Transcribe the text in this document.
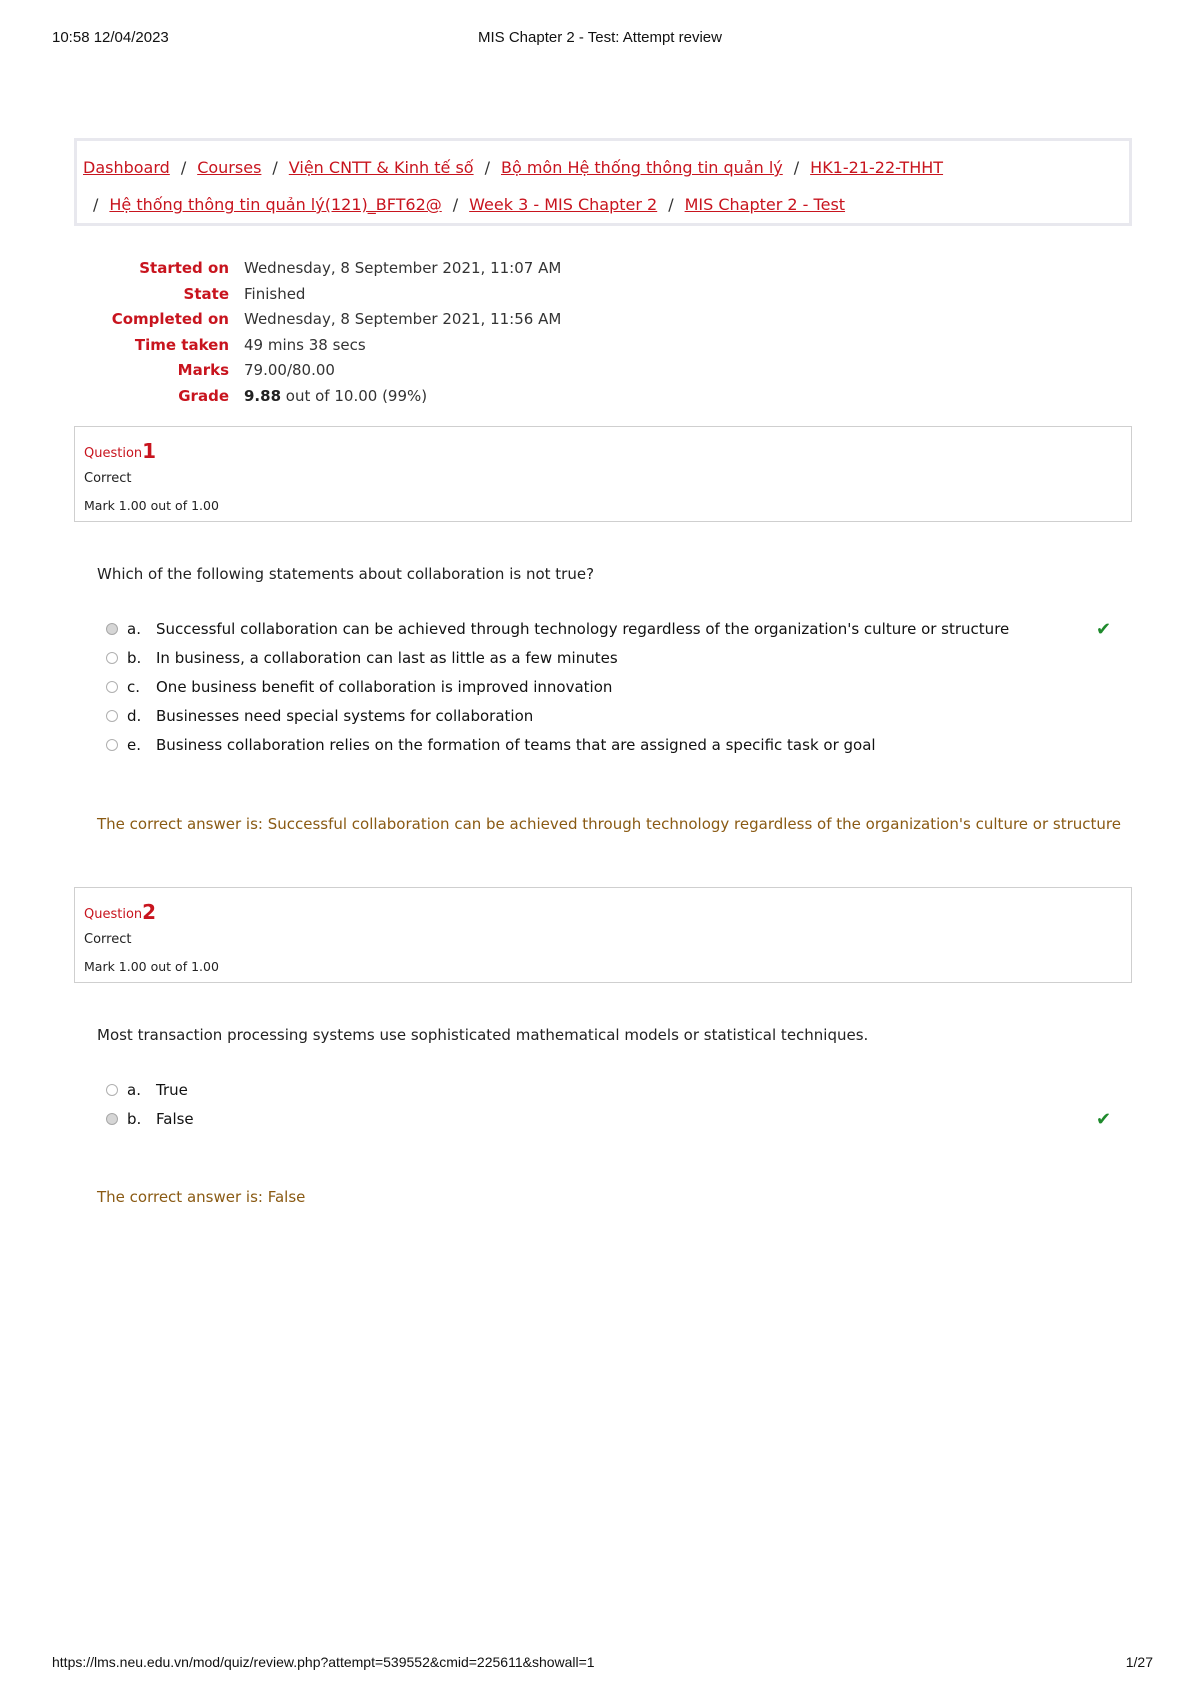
10:58 12/04/2023	MIS Chapter 2 - Test: Attempt review
Dashboard / Courses / Viện CNTT & Kinh tế số / Bộ môn Hệ thống thông tin quản lý / HK1-21-22-THHT
/ Hệ thống thông tin quản lý(121)_BFT62@ / Week 3 - MIS Chapter 2 / MIS Chapter 2 - Test
Started on Wednesday, 8 September 2021, 11:07 AM
State Finished
Completed on Wednesday, 8 September 2021, 11:56 AM
Time taken 49 mins 38 secs
Marks 79.00/80.00
Grade 9.88 out of 10.00 (99%)
Question1
Correct
Mark 1.00 out of 1.00
Which of the following statements about collaboration is not true?
a. Successful collaboration can be achieved through technology regardless of the organization's culture or structure	✔
b. In business, a collaboration can last as little as a few minutes
c. One business benefit of collaboration is improved innovation
d. Businesses need special systems for collaboration
e. Business collaboration relies on the formation of teams that are assigned a specific task or goal
The correct answer is: Successful collaboration can be achieved through technology regardless of the organization's culture or structure
Question2
Correct
Mark 1.00 out of 1.00
Most transaction processing systems use sophisticated mathematical models or statistical techniques.
a. True
b. False	✔
The correct answer is: False
https://lms.neu.edu.vn/mod/quiz/review.php?attempt=539552&cmid=225611&showall=1	1/27
